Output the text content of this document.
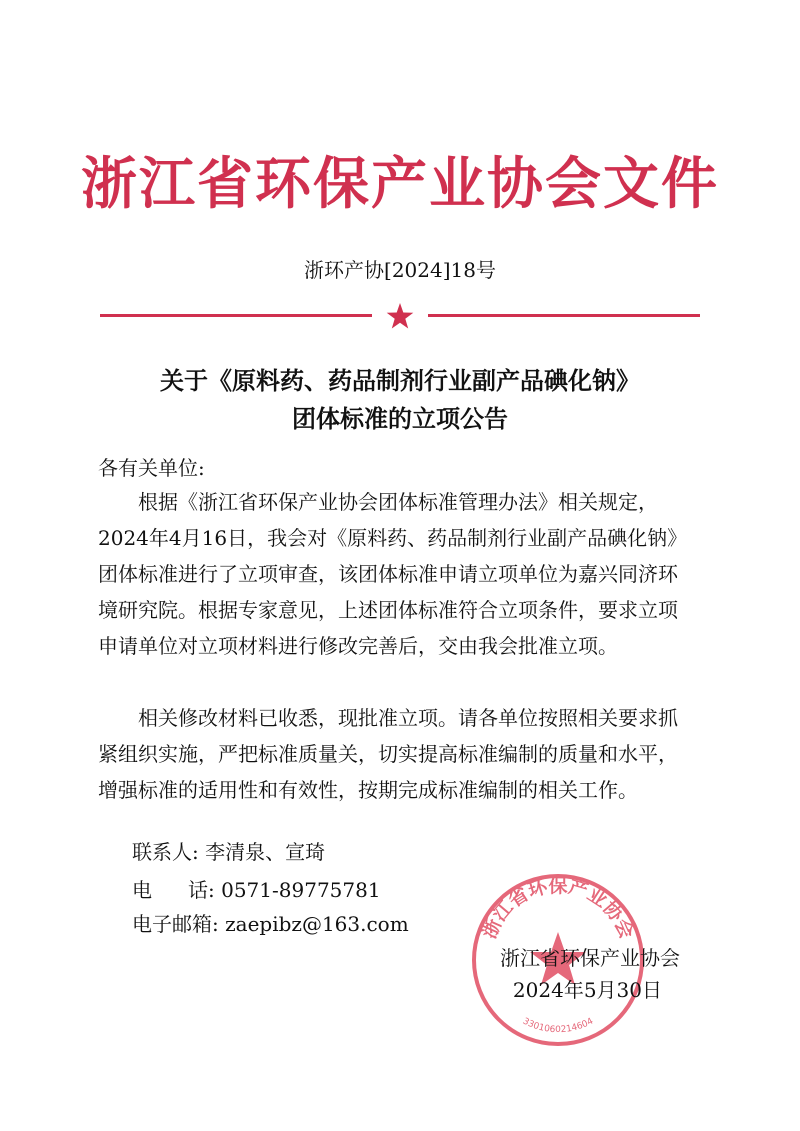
浙江省环保产业协会文件
浙环产协[2024]18号
关于《原料药、药品制剂行业副产品碘化钠》
团体标准的立项公告

各有关单位:

根据《浙江省环保产业协会团体标准管理办法》相关规定，2024年4月16日，我会对《原料药、药品制剂行业副产品碘化钠》团体标准进行了立项审查，该团体标准申请立项单位为嘉兴同济环境研究院。根据专家意见，上述团体标准符合立项条件，要求立项申请单位对立项材料进行修改完善后，交由我会批准立项。

相关修改材料已收悉，现批准立项。请各单位按照相关要求抓紧组织实施，严把标准质量关，切实提高标准编制的质量和水平，增强标准的适用性和有效性，按期完成标准编制的相关工作。

联系人: 李清泉、宣琦
电 话: 0571-89775781
电子邮箱: zaepibz@163.com	浙江省环保产业协会
3301060214604
浙江省环保产业协会
2024年5月30日
